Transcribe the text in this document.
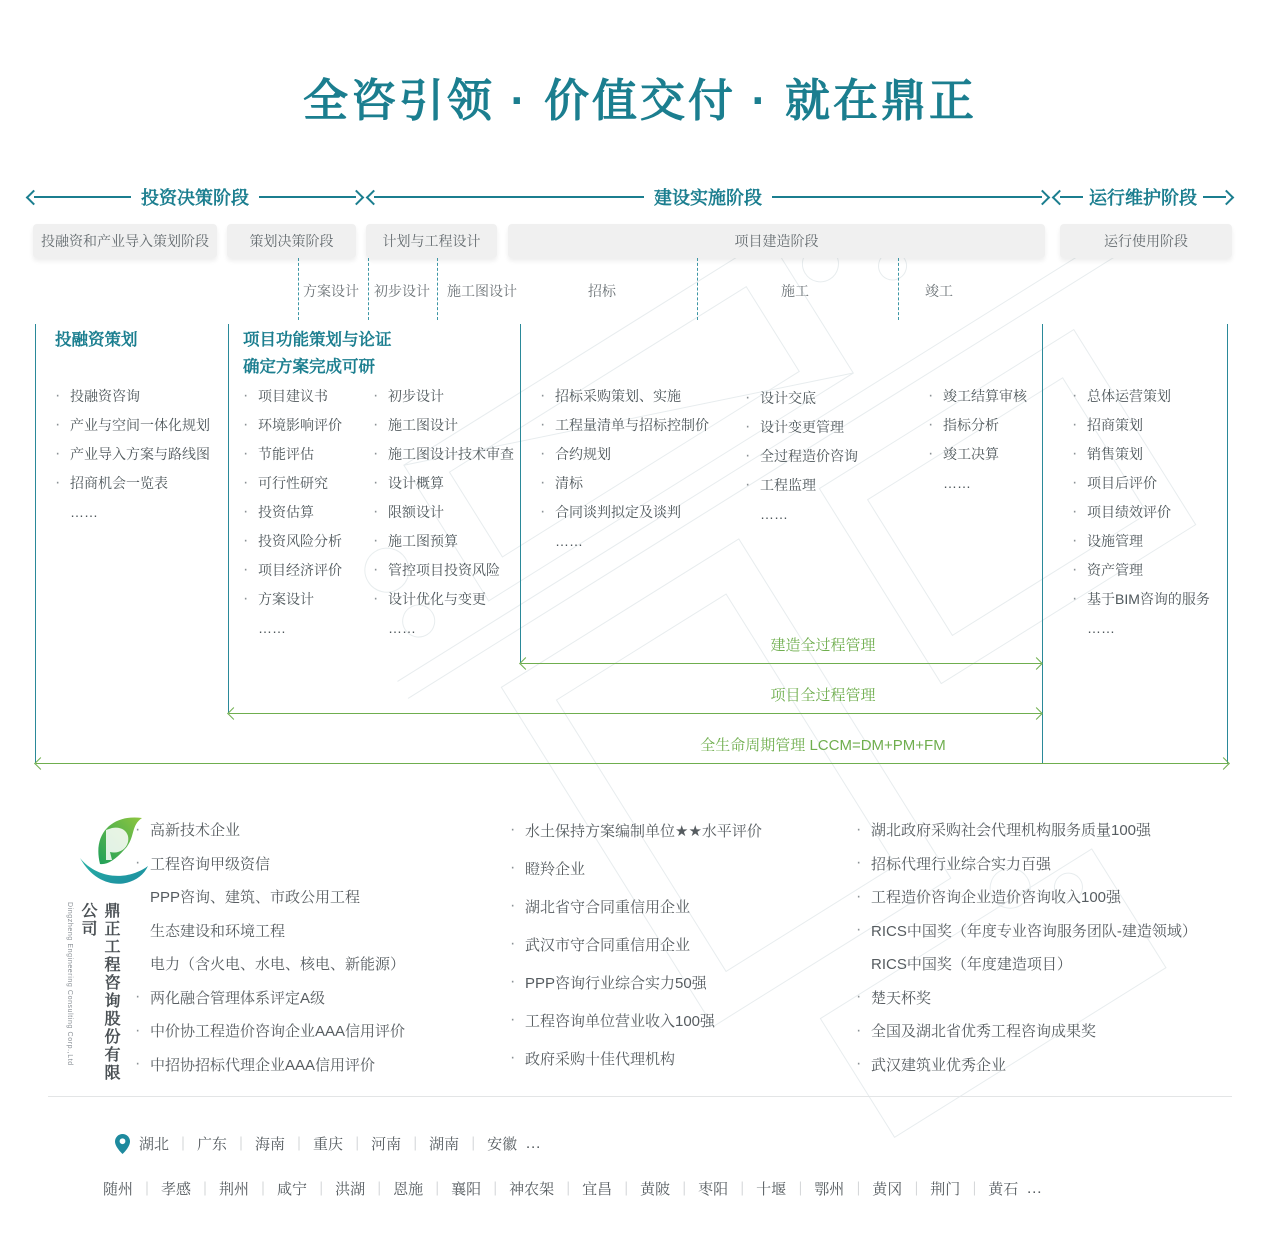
全咨引领 · 价值交付 · 就在鼎正
投资决策阶段	建设实施阶段	运行维护阶段
投融资和产业导入策划阶段	策划决策阶段	计划与工程设计	项目建造阶段	运行使用阶段
方案设计 初步设计 施工图设计	招标	施工	竣工
投融资策划
· 投融资咨询
· 产业与空间一体化规划
· 产业导入方案与路线图
· 招商机会一览表
……
项目功能策划与论证
确定方案完成可研
· 项目建议书
· 环境影响评价
· 节能评估
· 可行性研究
· 投资估算
· 投资风险分析
· 项目经济评价
· 方案设计
……
· 初步设计
· 施工图设计
· 施工图设计技术审查
· 设计概算
· 限额设计
· 施工图预算
· 管控项目投资风险
· 设计优化与变更
……
· 招标采购策划、实施
· 工程量清单与招标控制价
· 合约规划
· 清标
· 合同谈判拟定及谈判
……
· 设计交底
· 设计变更管理
· 全过程造价咨询
· 工程监理
……
· 竣工结算审核
· 指标分析
· 竣工决算
……
· 总体运营策划
· 招商策划
· 销售策划
· 项目后评价
· 项目绩效评价
· 设施管理
· 资产管理
· 基于BIM咨询的服务
……
建造全过程管理
项目全过程管理
全生命周期管理 LCCM=DM+PM+FM
Dingzheng Engineering Consulting Corp.,Ltd	鼎正工程咨询股份有限公司
· 高新技术企业
· 工程咨询甲级资信
PPP咨询、建筑、市政公用工程
生态建设和环境工程
电力（含火电、水电、核电、新能源）
· 两化融合管理体系评定A级
· 中价协工程造价咨询企业AAA信用评价
· 中招协招标代理企业AAA信用评价
· 水土保持方案编制单位★★水平评价
· 瞪羚企业
· 湖北省守合同重信用企业
· 武汉市守合同重信用企业
· PPP咨询行业综合实力50强
· 工程咨询单位营业收入100强
· 政府采购十佳代理机构
· 湖北政府采购社会代理机构服务质量100强
· 招标代理行业综合实力百强
· 工程造价咨询企业造价咨询收入100强
· RICS中国奖（年度专业咨询服务团队-建造领域）
RICS中国奖（年度建造项目）
· 楚天杯奖
· 全国及湖北省优秀工程咨询成果奖
· 武汉建筑业优秀企业
湖北 ｜ 广东 ｜ 海南 ｜ 重庆 ｜ 河南 ｜ 湖南 ｜ 安徽 …
随州 ｜ 孝感 ｜ 荆州 ｜ 咸宁 ｜ 洪湖 ｜ 恩施 ｜ 襄阳 ｜ 神农架 ｜ 宜昌 ｜ 黄陂 ｜ 枣阳 ｜ 十堰 ｜ 鄂州 ｜ 黄冈 ｜ 荆门 ｜ 黄石 …
